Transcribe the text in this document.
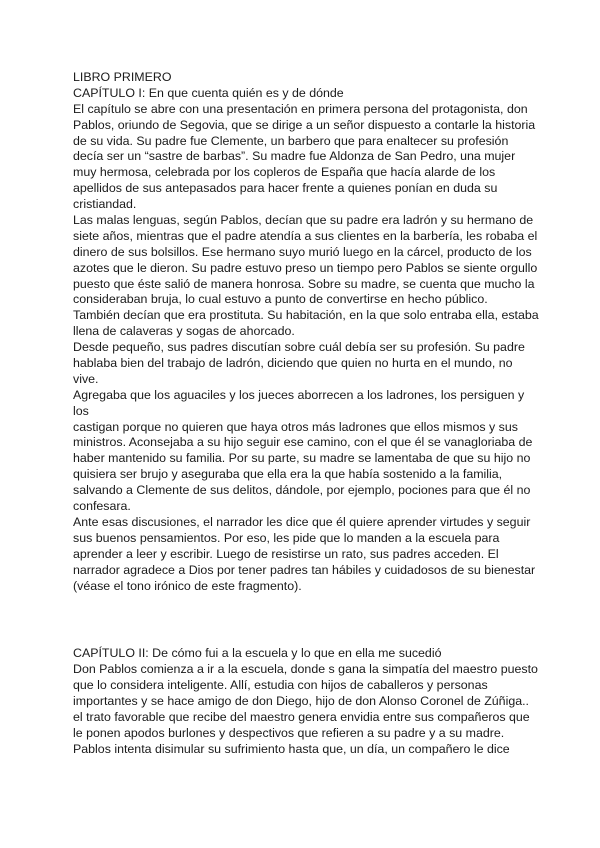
LIBRO PRIMERO
CAPÍTULO I: En que cuenta quién es y de dónde
El capítulo se abre con una presentación en primera persona del protagonista, don
Pablos, oriundo de Segovia, que se dirige a un señor dispuesto a contarle la historia
de su vida. Su padre fue Clemente, un barbero que para enaltecer su profesión
decía ser un “sastre de barbas”. Su madre fue Aldonza de San Pedro, una mujer
muy hermosa, celebrada por los copleros de España que hacía alarde de los
apellidos de sus antepasados para hacer frente a quienes ponían en duda su
cristiandad.
Las malas lenguas, según Pablos, decían que su padre era ladrón y su hermano de
siete años, mientras que el padre atendía a sus clientes en la barbería, les robaba el
dinero de sus bolsillos. Ese hermano suyo murió luego en la cárcel, producto de los
azotes que le dieron. Su padre estuvo preso un tiempo pero Pablos se siente orgullo
puesto que éste salió de manera honrosa. Sobre su madre, se cuenta que mucho la
consideraban bruja, lo cual estuvo a punto de convertirse en hecho público.
También decían que era prostituta. Su habitación, en la que solo entraba ella, estaba
llena de calaveras y sogas de ahorcado.
Desde pequeño, sus padres discutían sobre cuál debía ser su profesión. Su padre
hablaba bien del trabajo de ladrón, diciendo que quien no hurta en el mundo, no
vive.
Agregaba que los aguaciles y los jueces aborrecen a los ladrones, los persiguen y
los
castigan porque no quieren que haya otros más ladrones que ellos mismos y sus
ministros. Aconsejaba a su hijo seguir ese camino, con el que él se vanagloriaba de
haber mantenido su familia. Por su parte, su madre se lamentaba de que su hijo no
quisiera ser brujo y aseguraba que ella era la que había sostenido a la familia,
salvando a Clemente de sus delitos, dándole, por ejemplo, pociones para que él no
confesara.
Ante esas discusiones, el narrador les dice que él quiere aprender virtudes y seguir
sus buenos pensamientos. Por eso, les pide que lo manden a la escuela para
aprender a leer y escribir. Luego de resistirse un rato, sus padres acceden. El
narrador agradece a Dios por tener padres tan hábiles y cuidadosos de su bienestar
(véase el tono irónico de este fragmento).
CAPÍTULO II: De cómo fui a la escuela y lo que en ella me sucedió
Don Pablos comienza a ir a la escuela, donde s gana la simpatía del maestro puesto
que lo considera inteligente. Allí, estudia con hijos de caballeros y personas
importantes y se hace amigo de don Diego, hijo de don Alonso Coronel de Zúñiga..
el trato favorable que recibe del maestro genera envidia entre sus compañeros que
le ponen apodos burlones y despectivos que refieren a su padre y a su madre.
Pablos intenta disimular su sufrimiento hasta que, un día, un compañero le dice
